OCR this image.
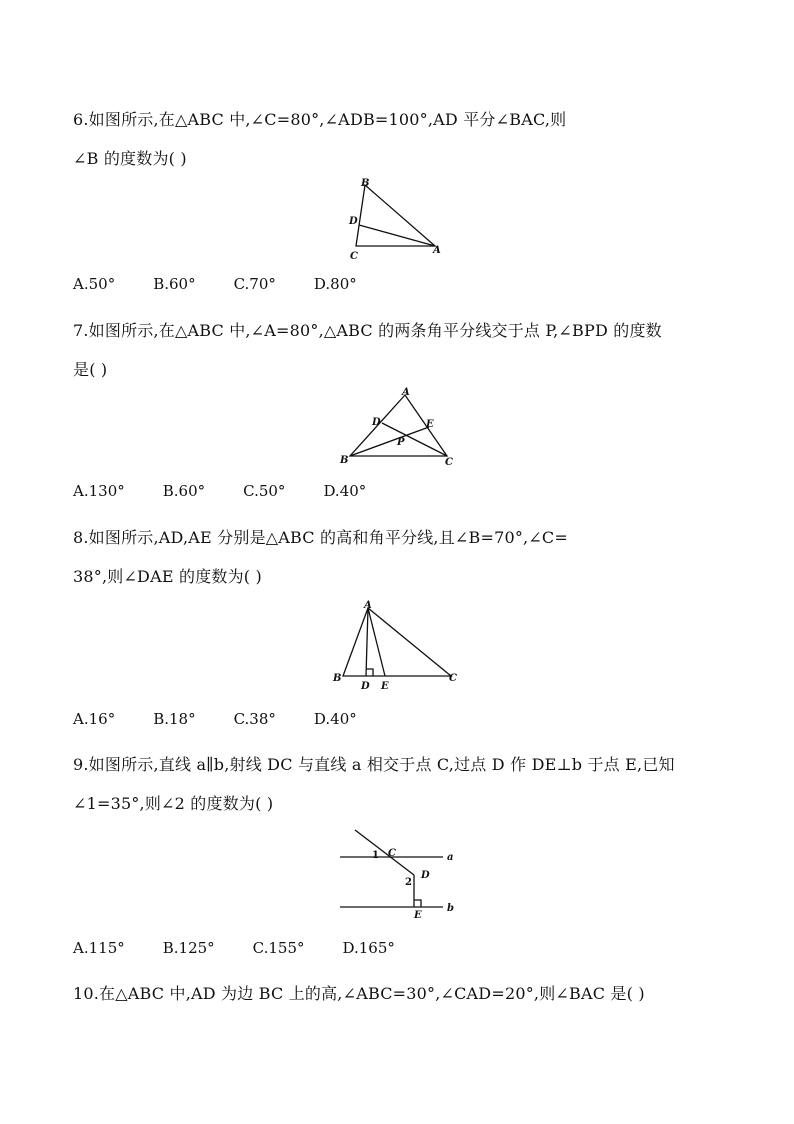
6.如图所示,在△ABC 中,∠C=80°,∠ADB=100°,AD 平分∠BAC,则
∠B 的度数为( )
B
D
C
A
A.50°	B.60°	C.70°	D.80°
7.如图所示,在△ABC 中,∠A=80°,△ABC 的两条角平分线交于点 P,∠BPD 的度数
是( )
A
D	E
P
B	C
A.130°	B.60°	C.50°	D.40°
8.如图所示,AD,AE 分别是△ABC 的高和角平分线,且∠B=70°,∠C=
38°,则∠DAE 的度数为( )
A
B
D E
C
A.16°	B.18°	C.38°	D.40°
9.如图所示,直线 a∥b,射线 DC 与直线 a 相交于点 C,过点 D 作 DE⊥b 于点 E,已知
∠1=35°,则∠2 的度数为( )
1 C	a
2
D
E
b
A.115°	B.125°	C.155°	D.165°
10.在△ABC 中,AD 为边 BC 上的高,∠ABC=30°,∠CAD=20°,则∠BAC 是( )
